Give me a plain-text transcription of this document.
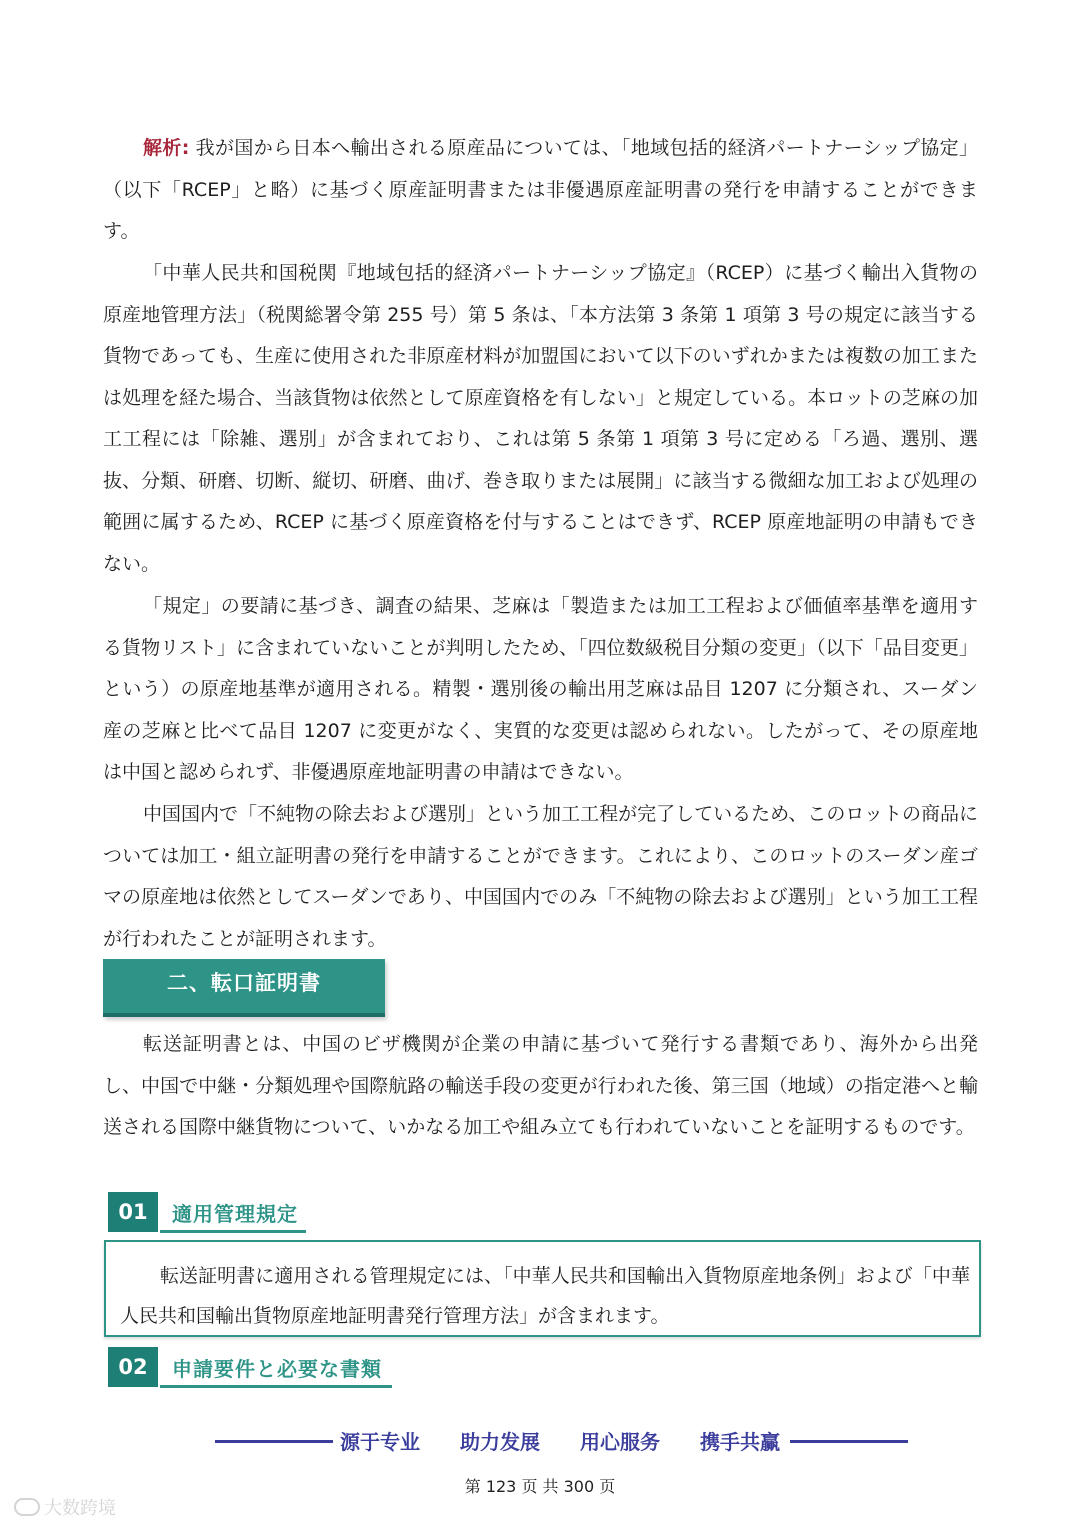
​

解析: 我が国から日本へ輸出される原産品については、「地域包括的経済パートナーシップ協定」（以下「RCEP」と略）に基づく原産証明書または非優遇原産証明書の発行を申請することができます。

「中華人民共和国税関『地域包括的経済パートナーシップ協定』（RCEP）に基づく輸出入貨物の原産地管理方法」（税関総署令第 255 号）第 5 条は、「本方法第 3 条第 1 項第 3 号の規定に該当する貨物であっても、生産に使用された非原産材料が加盟国において以下のいずれかまたは複数の加工または処理を経た場合、当該貨物は依然として原産資格を有しない」と規定している。本ロットの芝麻の加工工程には「除雑、選別」が含まれており、これは第 5 条第 1 項第 3 号に定める「ろ過、選別、選抜、分類、研磨、切断、縦切、研磨、曲げ、巻き取りまたは展開」に該当する微細な加工および処理の範囲に属するため、RCEP に基づく原産資格を付与することはできず、RCEP 原産地証明の申請もできない。

「規定」の要請に基づき、調査の結果、芝麻は「製造または加工工程および価値率基準を適用する貨物リスト」に含まれていないことが判明したため、「四位数級税目分類の変更」（以下「品目変更」という）の原産地基準が適用される。精製・選別後の輸出用芝麻は品目 1207 に分類され、スーダン産の芝麻と比べて品目 1207 に変更がなく、実質的な変更は認められない。したがって、その原産地は中国と認められず、非優遇原産地証明書の申請はできない。

中国国内で「不純物の除去および選別」という加工工程が完了しているため、このロットの商品については加工・組立証明書の発行を申請することができます。これにより、このロットのスーダン産ゴマの原産地は依然としてスーダンであり、中国国内でのみ「不純物の除去および選別」という加工工程が行われたことが証明されます。

二、転口証明書

転送証明書とは、中国のビザ機関が企業の申請に基づいて発行する書類であり、海外から出発し、中国で中継・分類処理や国際航路の輸送手段の変更が行われた後、第三国（地域）の指定港へと輸送される国際中継貨物について、いかなる加工や組み立ても行われていないことを証明するものです。

01	適用管理規定

転送証明書に適用される管理規定には、「中華人民共和国輸出入貨物原産地条例」および「中華人民共和国輸出貨物原産地証明書発行管理方法」が含まれます。

02	申請要件と必要な書類
源于专业 助力发展 用心服务 携手共赢
第 123 页 共 300 页
大数跨境
